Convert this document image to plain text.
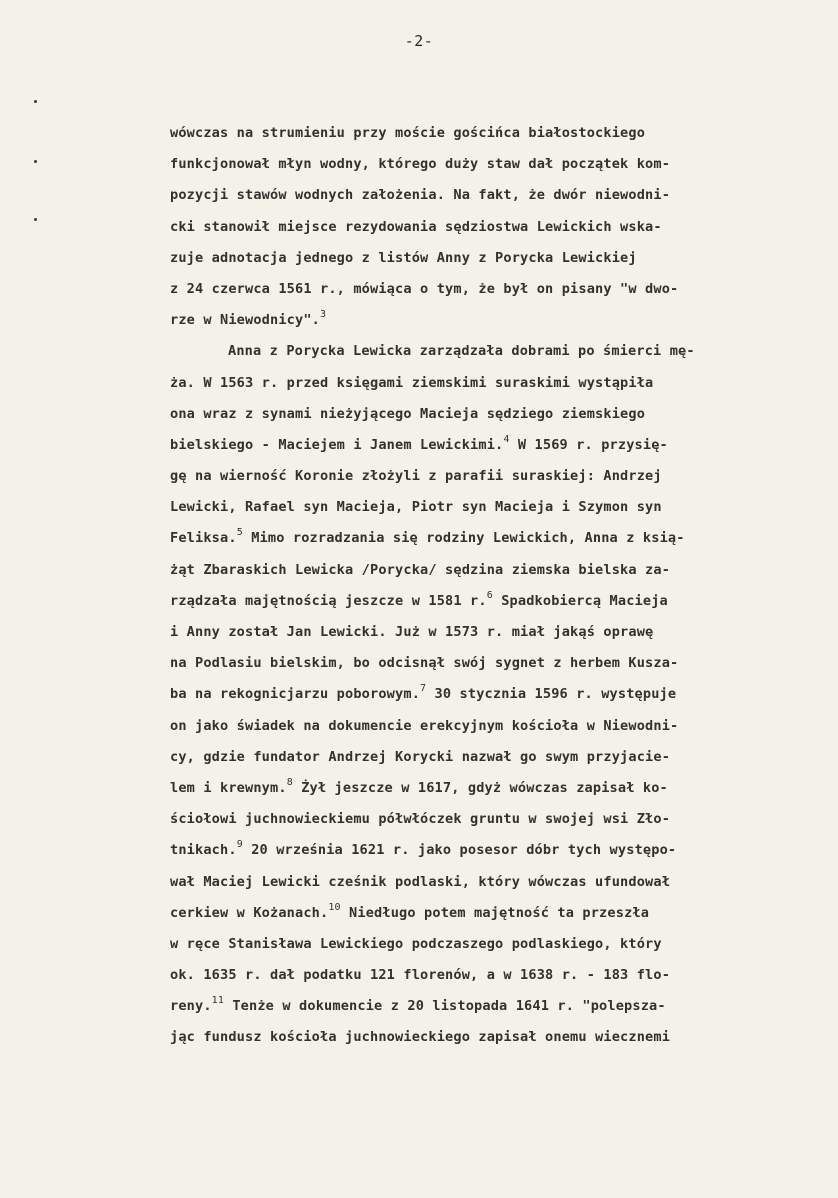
-2-
wówczas na strumieniu przy moście gościńca białostockiego
funkcjonował młyn wodny, którego duży staw dał początek kom-
pozycji stawów wodnych założenia. Na fakt, że dwór niewodni-
cki stanowił miejsce rezydowania sędziostwa Lewickich wska-
zuje adnotacja jednego z listów Anny z Porycka Lewickiej
z 24 czerwca 1561 r., mówiąca o tym, że był on pisany "w dwo-
rze w Niewodnicy".$^3$
Anna z Porycka Lewicka zarządzała dobrami po śmierci mę-
ża. W 1563 r. przed księgami ziemskimi suraskimi wystąpiła
ona wraz z synami nieżyjącego Macieja sędziego ziemskiego
bielskiego - Maciejem i Janem Lewickimi.$^4$ W 1569 r. przysię-
gę na wierność Koronie złożyli z parafii suraskiej: Andrzej
Lewicki, Rafael syn Macieja, Piotr syn Macieja i Szymon syn
Feliksa.$^5$ Mimo rozradzania się rodziny Lewickich, Anna z ksią-
żąt Zbaraskich Lewicka /Porycka/ sędzina ziemska bielska za-
rządzała majętnością jeszcze w 1581 r.$^6$ Spadkobiercą Macieja
i Anny został Jan Lewicki. Już w 1573 r. miał jakąś oprawę
na Podlasiu bielskim, bo odcisnął swój sygnet z herbem Kusza-
ba na rekognicjarzu poborowym.$^7$ 30 stycznia 1596 r. występuje
on jako świadek na dokumencie erekcyjnym kościoła w Niewodni-
cy, gdzie fundator Andrzej Korycki nazwał go swym przyjacie-
lem i krewnym.$^8$ Żył jeszcze w 1617, gdyż wówczas zapisał ko-
ściołowi juchnowieckiemu półwłóczek gruntu w swojej wsi Zło-
tnikach.$^9$ 20 września 1621 r. jako posesor dóbr tych występo-
wał Maciej Lewicki cześnik podlaski, który wówczas ufundował
cerkiew w Kożanach.$^{10}$ Niedługo potem majętność ta przeszła
w ręce Stanisława Lewickiego podczaszego podlaskiego, który
ok. 1635 r. dał podatku 121 florenów, a w 1638 r. - 183 flo-
reny.$^{11}$ Tenże w dokumencie z 20 listopada 1641 r. "polepsza-
jąc fundusz kościoła juchnowieckiego zapisał onemu wiecznemi
